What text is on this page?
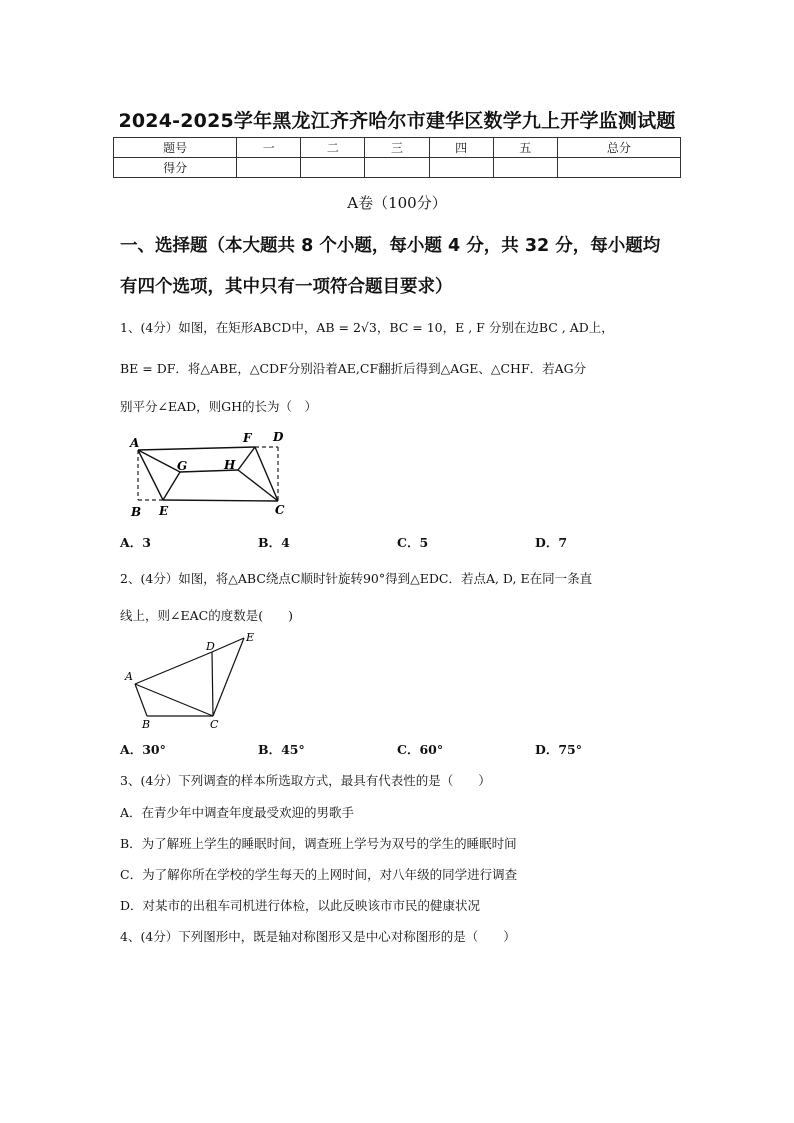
2024-2025学年黑龙江齐齐哈尔市建华区数学九上开学监测试题
题号	一	二	三	四	五	总分
得分						
A卷（100分）
一、选择题（本大题共 8 个小题，每小题 4 分，共 32 分，每小题均
有四个选项，其中只有一项符合题目要求）
1、(4分）如图，在矩形ABCD中，AB = 2√3，BC = 10，E , F 分别在边BC , AD上，
BE = DF．将△ABE，△CDF分别沿着AE,CF翻折后得到△AGE、△CHF．若AG分
别平分∠EAD，则GH的长为（　）
A	F D
G	H
B E	C
A．3	B．4	C．5	D．7
2、(4分）如图，将△ABC绕点C顺时针旋转90°得到△EDC．若点A, D, E在同一条直
线上，则∠EAC的度数是(　　)
D
E
A
B	C
A．30°	B．45°	C．60°	D．75°
3、(4分）下列调查的样本所选取方式，最具有代表性的是（　　）
A．在青少年中调查年度最受欢迎的男歌手
B．为了解班上学生的睡眠时间，调查班上学号为双号的学生的睡眠时间
C．为了解你所在学校的学生每天的上网时间，对八年级的同学进行调查
D．对某市的出租车司机进行体检，以此反映该市市民的健康状况
4、(4分）下列图形中，既是轴对称图形又是中心对称图形的是（　　）
